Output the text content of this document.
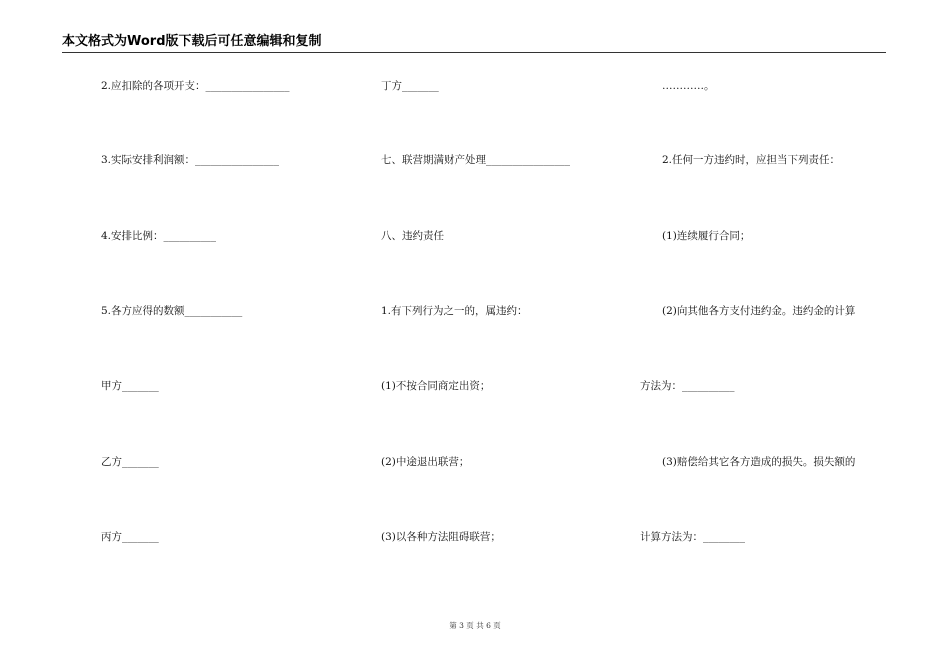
本文格式为Word版下载后可任意编辑和复制
2.应扣除的各项开支：________________
3.实际安排利润额：________________
4.安排比例：__________
5.各方应得的数额___________
甲方_______
乙方_______
丙方_______
丁方_______
七、联营期满财产处理________________
八、违约责任
1.有下列行为之一的，属违约：
(1)不按合同商定出资；
(2)中途退出联营；
(3)以各种方法阻碍联营；
…………。
2.任何一方违约时，应担当下列责任：
(1)连续履行合同；
(2)向其他各方支付违约金。违约金的计算
方法为：__________
(3)赔偿给其它各方造成的损失。损失额的
计算方法为：________
第 3 页 共 6 页
